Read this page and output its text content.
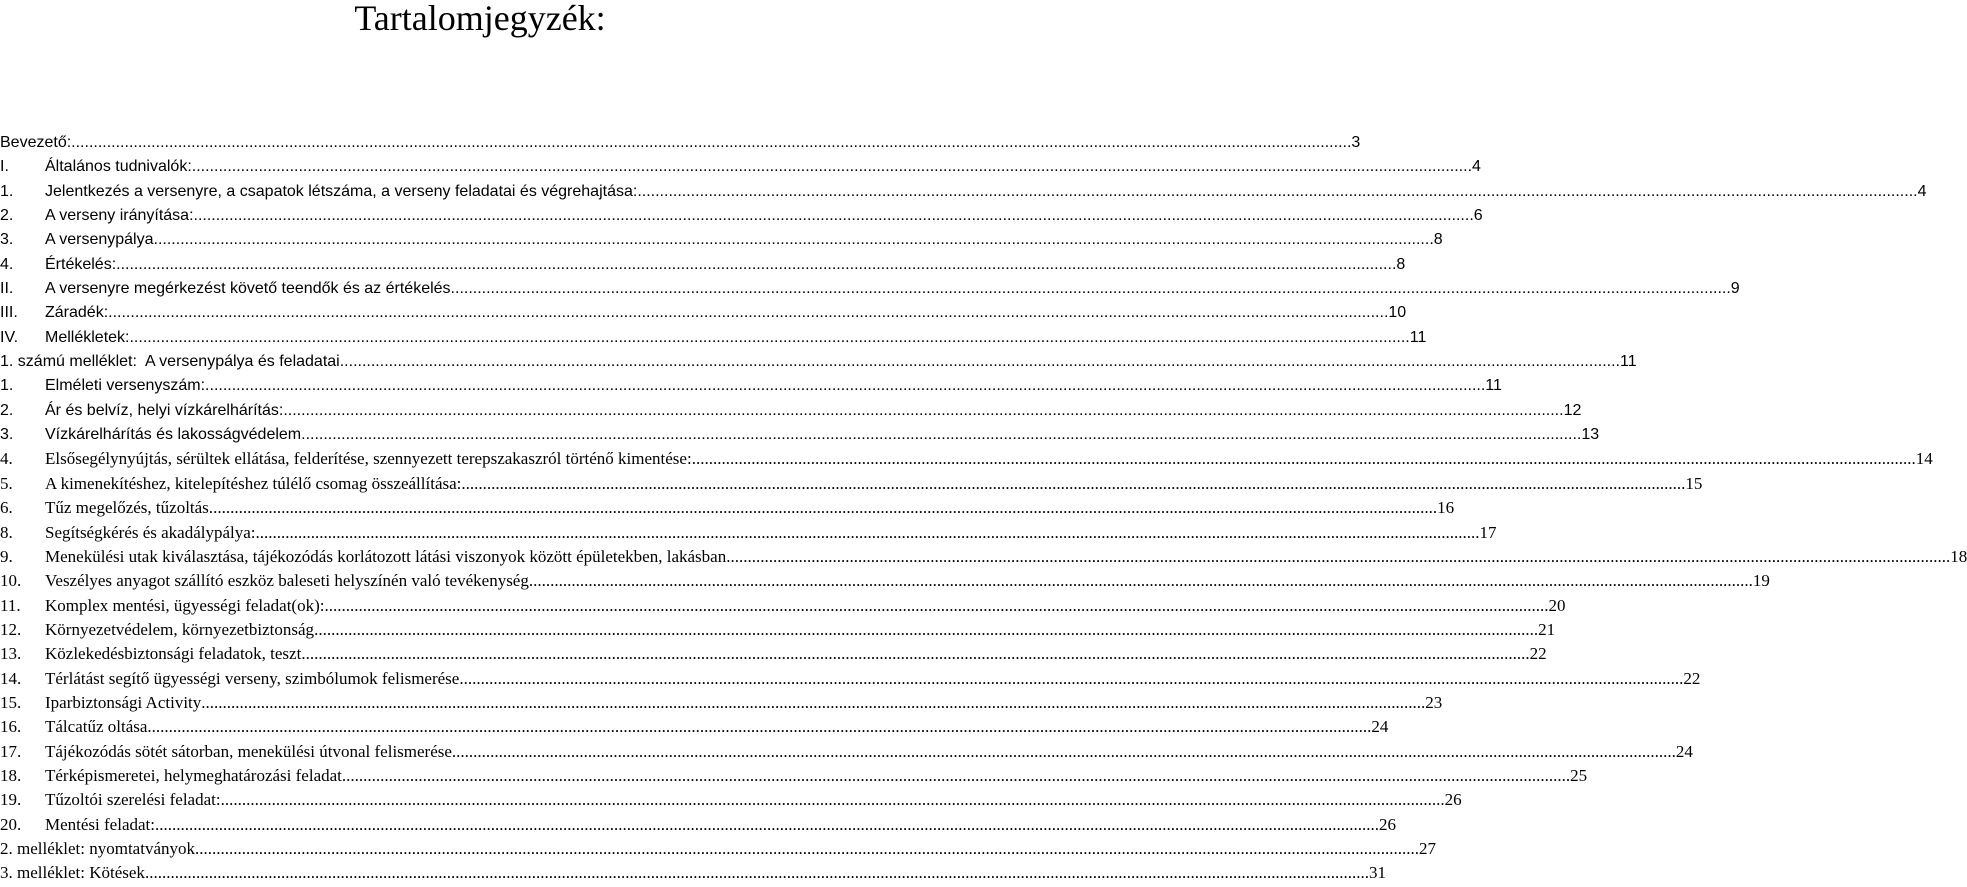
Tartalomjegyzék:
Bevezető: .....	3
I.	Általános tudnivalók: .....	4
1.	Jelentkezés a versenyre, a csapatok létszáma, a verseny feladatai és végrehajtása: .....	4
2.	A verseny irányítása: .....	6
3.	A versenypálya .....	8
4.	Értékelés: .....	8
II.	A versenyre megérkezést követő teendők és az értékelés .....	9
III.	Záradék: .....	10
IV.	Mellékletek: .....	11
1. számú melléklet: A versenypálya és feladatai .....	11
1.	Elméleti versenyszám: .....	11
2.	Ár és belvíz, helyi vízkárelhárítás: .....	12
3.	Vízkárelhárítás és lakosságvédelem .....	13
4.	Elsősegélynyújtás, sérültek ellátása, felderítése, szennyezett terepszakaszról történő kimentése: .....	14
5.	A kimenekítéshez, kitelepítéshez túlélő csomag összeállítása: .....	15
6.	Tűz megelőzés, tűzoltás. .....	16
8.	Segítségkérés és akadálypálya: .....	17
9.	Menekülési utak kiválasztása, tájékozódás korlátozott látási viszonyok között épületekben, lakásban .....	18
10.	Veszélyes anyagot szállító eszköz baleseti helyszínén való tevékenység .....	19
11.	Komplex mentési, ügyességi feladat(ok): .....	20
12.	Környezetvédelem, környezetbiztonság .....	21
13.	Közlekedésbiztonsági feladatok, teszt. .....	22
14.	Térlátást segítő ügyességi verseny, szimbólumok felismerése .....	22
15.	Iparbiztonsági Activity .....	23
16.	Tálcatűz oltása .....	24
17.	Tájékozódás sötét sátorban, menekülési útvonal felismerése .....	24
18.	Térképismeretei, helymeghatározási feladat. .....	25
19.	Tűzoltói szerelési feladat: .....	26
20.	Mentési feladat: .....	26
2. melléklet: nyomtatványok .....	27
3. melléklet: Kötések .....	31
